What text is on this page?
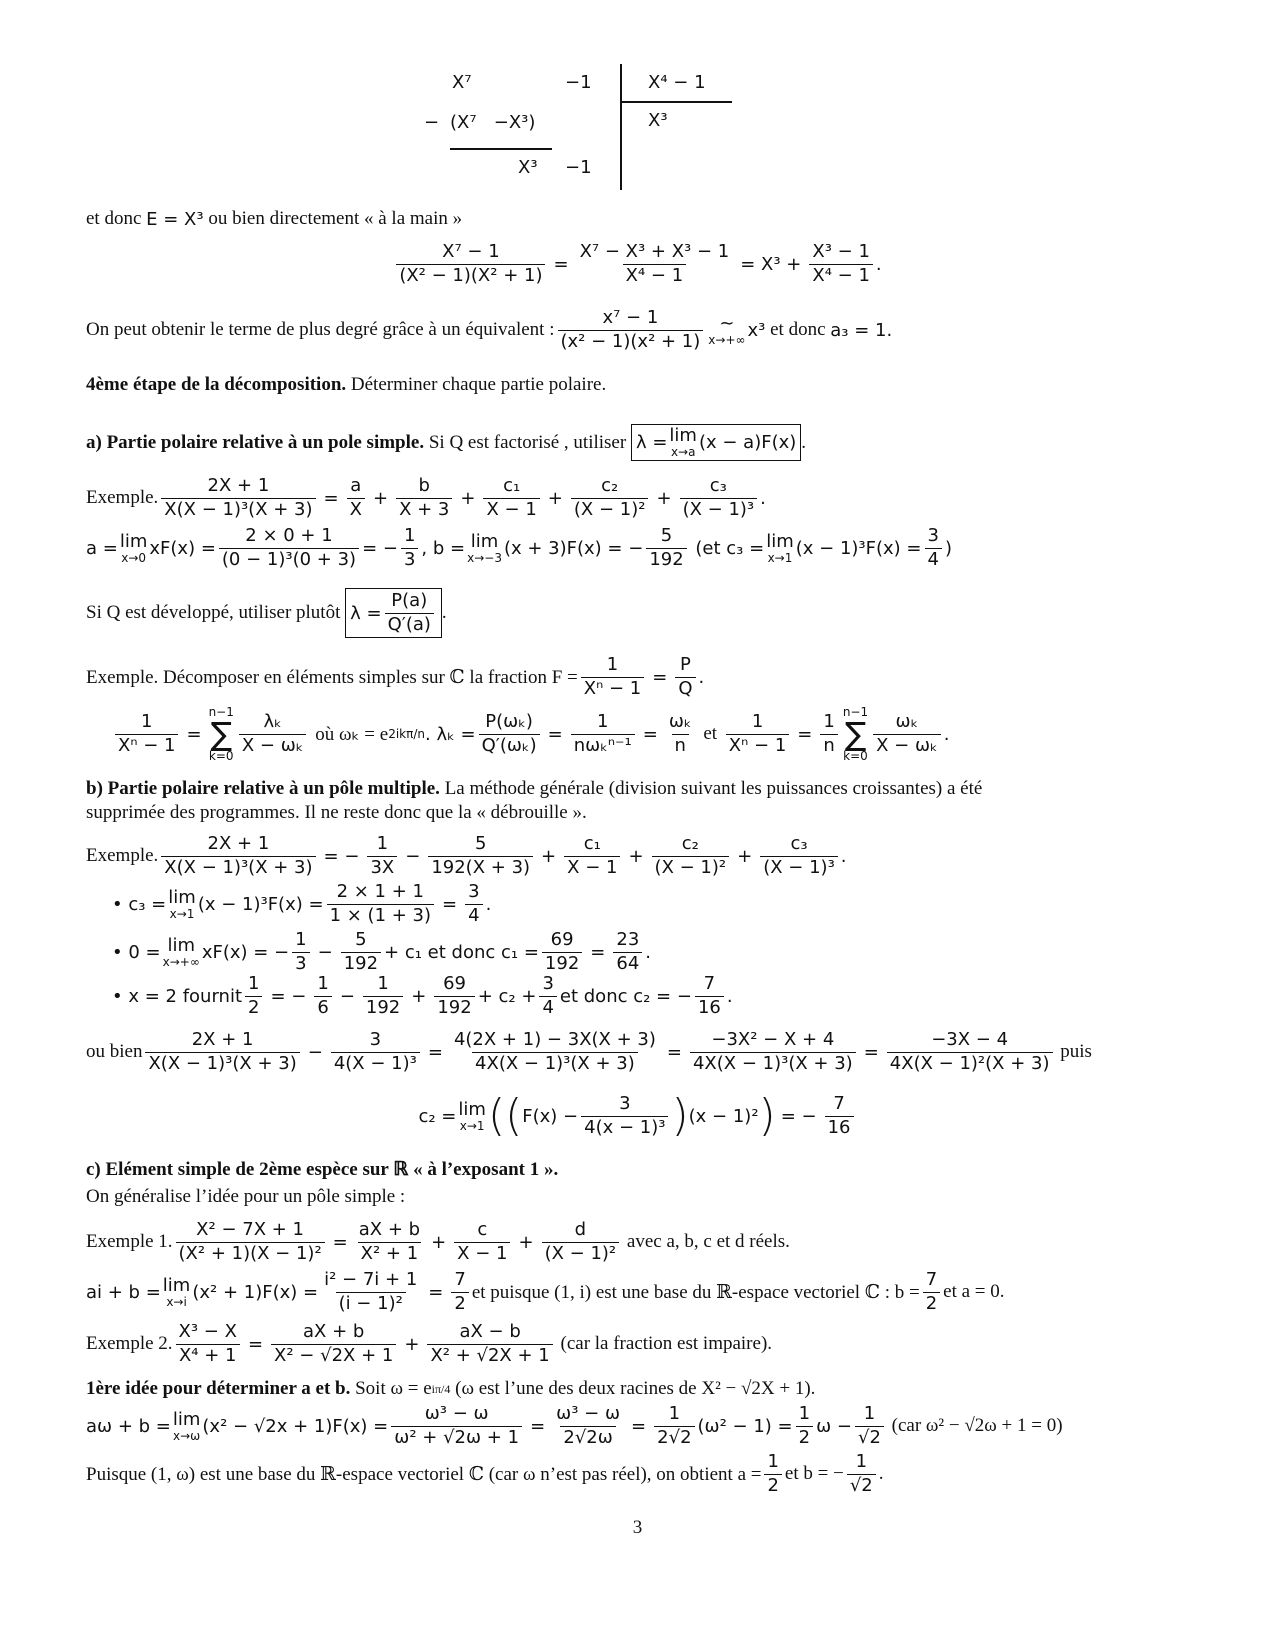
X⁷	−1	X⁴ − 1
− (X⁷   −X³)	X³
X³ −1
et donc
E = X³
ou bien directement « à la main »
$\frac{\text{X⁷ − 1}}{\text{(X² − 1)(X² + 1)}} = \frac{\text{X⁷ − X³ + X³ − 1}}{\text{X⁴ − 1}} = X^3 + \frac{\text{X³ − 1}}{\text{X⁴ − 1}}$ .
On peut obtenir le terme de plus degré grâce à un équivalent : $\frac{\text{x⁷ − 1}}{\text{(x² − 1)(x² + 1)}}$ ~
x→+∞ x³
et donc
a₃ = 1.
4ème étape de la décomposition.
Déterminer chaque partie polaire.
a) Partie polaire relative à un pole simple.
Si Q est factorisé , utiliser
λ = lim
x→a (x − a)F(x) .
Exemple. $\frac{2X + 1}{\text{X(X − 1)³(X + 3)}} = \frac{a}{X} + \frac{b}{X + 3} + \frac{\text{c₁}}{X - 1} + \frac{\text{c₂}}{\text{(X − 1)²}} + \frac{\text{c₃}}{\text{(X − 1)³}}$ .
a = lim
x→0 $xF(x) = \frac{2 \times 0 + 1}{\text{(0 − 1)³(0 + 3)}}$ = − $\frac{1}{3}$ , b = lim
x→−3 (x + 3)F(x) = − $\frac{5}{192}$
(et c₃ = lim
x→1 $(x - 1)^3F(x) = \frac{3}{4}$ )
Si Q est développé, utiliser plutôt
$\lambda = \frac{P(a)}{Q'(a)}$ .
Exemple. Décomposer en éléments simples sur ℂ la fraction $F = \frac{1}{\text{Xⁿ − 1}} = \frac{P}{Q}$ .
$\frac{1}{\text{Xⁿ − 1}}$ =
n−1
∑
$k=0 \frac{\text{λₖ}}{\text{X − ωₖ}}$
où ωₖ = e 2ikπ/n . $\lambda_k = \frac{\text{P(ωₖ)}}{\text{Q′(ωₖ)}} = \frac{1}{\text{nωₖⁿ⁻¹}} = \frac{\text{ωₖ}}{n}$
et
$\frac{1}{\text{Xⁿ − 1}} = \frac{1}{n} n-1$
∑
$k=0 \frac{\text{ωₖ}}{\text{X − ωₖ}}$ .
b) Partie polaire relative à un pôle multiple.
La méthode générale (division suivant les puissances croissantes) a été
supprimée des programmes. Il ne reste donc que la « débrouille ».
Exemple. $\frac{2X + 1}{\text{X(X − 1)³(X + 3)}}$ = − $\frac{1}{3X} - \frac{5}{192(X + 3)} + \frac{\text{c₁}}{X - 1} + \frac{\text{c₂}}{\text{(X − 1)²}} + \frac{\text{c₃}}{\text{(X − 1)³}}$ .
• c₃ = lim
x→1 $(x - 1)^3F(x) = \frac{2 \times 1 + 1}{1 \times (1 + 3)} = \frac{3}{4}$ .
• 0 = lim
x→+∞ xF(x) = − $\frac{1}{3} - \frac{5}{192} + c_1$ et donc $c_1 = \frac{69}{192} = \frac{23}{64}$ .
• x = 2 fournit $\frac{1}{2}$ = − $\frac{1}{6} - \frac{1}{192} + \frac{69}{192} + c_2 + \frac{3}{4}$ et donc c₂ = − $\frac{7}{16}$ .
ou bien $\frac{2X + 1}{\text{X(X − 1)³(X + 3)}} - \frac{3}{\text{4(X − 1)³}} = \frac{4(2X + 1) - 3X(X + 3)}{\text{4X(X − 1)³(X + 3)}} = \frac{\text{−3X² − X + 4}}{\text{4X(X − 1)³(X + 3)}} = \frac{-3X - 4}{\text{4X(X − 1)²(X + 3)}}$
puis
c₂ = lim
x→1 (( $F(x) - \frac{3}{\text{4(x − 1)³}}$ ) (x − 1)² ) = − $\frac{7}{16}$
c) Elément simple de 2ème espèce sur ℝ « à l’exposant 1 ».
On généralise l’idée pour un pôle simple :
Exemple 1. $\frac{\text{X² − 7X + 1}}{\text{(X² + 1)(X − 1)²}} = \frac{aX + b}{\text{X² + 1}} + \frac{c}{X - 1} + \frac{d}{\text{(X − 1)²}}$
avec a, b, c et d réels.
ai + b = lim
x→i $(x^2 + 1)F(x) = \frac{\text{i² − 7i + 1}}{\text{(i − 1)²}} = \frac{7}{2}$ et puisque (1, i) est une base du ℝ-espace vectoriel ℂ : $b = \frac{7}{2}$ et a = 0.
Exemple 2. $\frac{\text{X³ − X}}{\text{X⁴ + 1}} = \frac{aX + b}{\text{X² − √2X + 1}} + \frac{aX - b}{\text{X² + √2X + 1}}$
(car la fraction est impaire).
1ère idée pour déterminer a et b.
Soit ω = e iπ/4
(ω est l’une des deux racines de X² − √2X + 1).
aω + b = lim
x→ω $(x^2 - √2x + 1)F(x) = \frac{\text{ω³ − ω}}{\text{ω² + √2ω + 1}} = \frac{\text{ω³ − ω}}{2√2\omega} = \frac{1}{2√2} (\omega^2 - 1) = \frac{1}{2}$ $\omega - \frac{1}{√2}$
(car ω² − √2ω + 1 = 0)
Puisque (1, ω) est une base du ℝ-espace vectoriel ℂ (car ω n’est pas réel), on obtient $a = \frac{1}{2}$ et b = − $\frac{1}{√2}$ .
3
